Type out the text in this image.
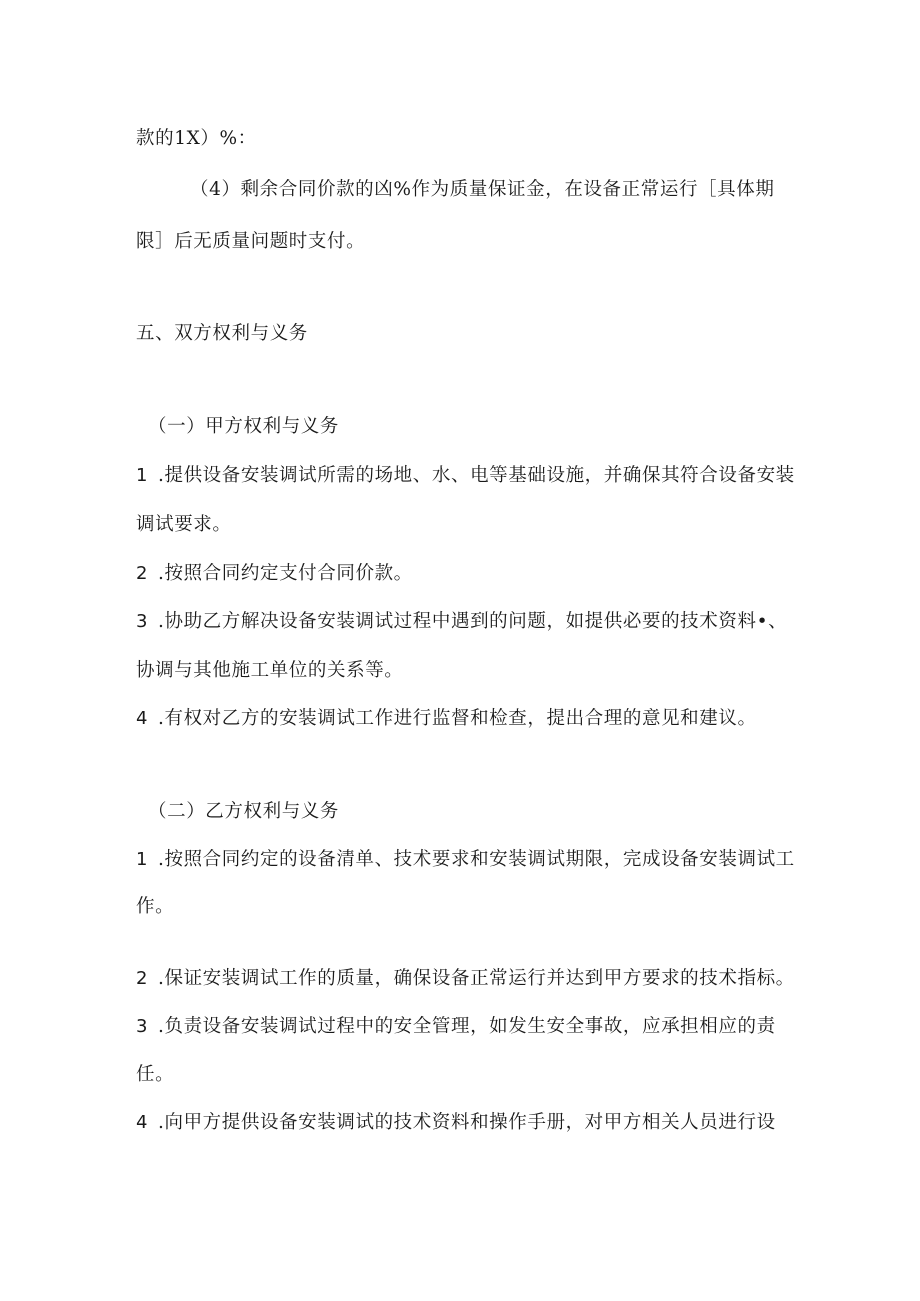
款的1X）%：
（4）剩余合同价款的凶%作为质量保证金，在设备正常运行［具体期
限］后无质量问题时支付。
五、双方权利与义务
（一）甲方权利与义务
1 .提供设备安装调试所需的场地、水、电等基础设施，并确保其符合设备安装
调试要求。
2 .按照合同约定支付合同价款。
3 .协助乙方解决设备安装调试过程中遇到的问题，如提供必要的技术资料•、
协调与其他施工单位的关系等。
4 .有权对乙方的安装调试工作进行监督和检查，提出合理的意见和建议。
（二）乙方权利与义务
1 .按照合同约定的设备清单、技术要求和安装调试期限，完成设备安装调试工
作。
2 .保证安装调试工作的质量，确保设备正常运行并达到甲方要求的技术指标。
3 .负责设备安装调试过程中的安全管理，如发生安全事故，应承担相应的责
任。
4 .向甲方提供设备安装调试的技术资料和操作手册，对甲方相关人员进行设
